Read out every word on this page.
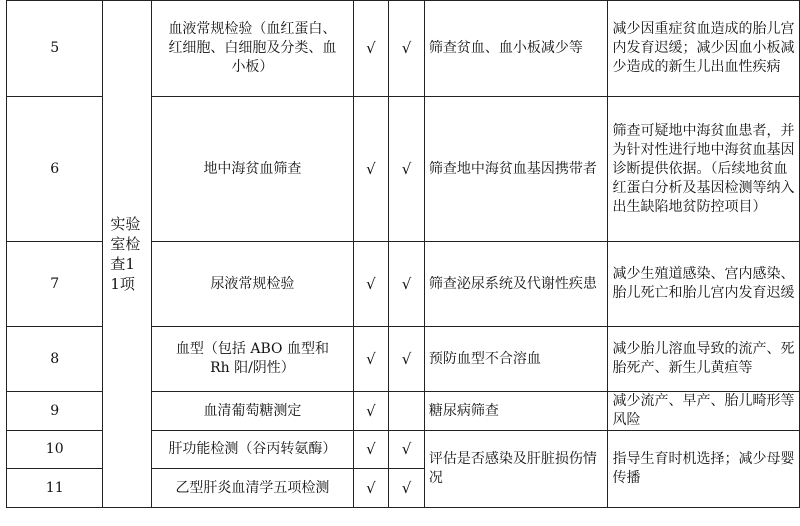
5	实验室检查11项	血液常规检验（血红蛋白、红细胞、白细胞及分类、血小板）	√	√	筛查贫血、血小板减少等	减少因重症贫血造成的胎儿宫内发育迟缓；减少因血小板减少造成的新生儿出血性疾病
6		地中海贫血筛查	√	√	筛查地中海贫血基因携带者	筛查可疑地中海贫血患者，并为针对性进行地中海贫血基因诊断提供依据。（后续地贫血红蛋白分析及基因检测等纳入出生缺陷地贫防控项目）
7		尿液常规检验	√	√	筛查泌尿系统及代谢性疾患	减少生殖道感染、宫内感染、胎儿死亡和胎儿宫内发育迟缓
8		血型（包括 ABO 血型和 Rh 阳/阴性）	√	√	预防血型不合溶血	减少胎儿溶血导致的流产、死胎死产、新生儿黄疸等
9		血清葡萄糖测定	√		糖尿病筛查	减少流产、早产、胎儿畸形等风险
10		肝功能检测（谷丙转氨酶）	√	√	评估是否感染及肝脏损伤情况	指导生育时机选择；减少母婴传播
11		乙型肝炎血清学五项检测	√	√		
